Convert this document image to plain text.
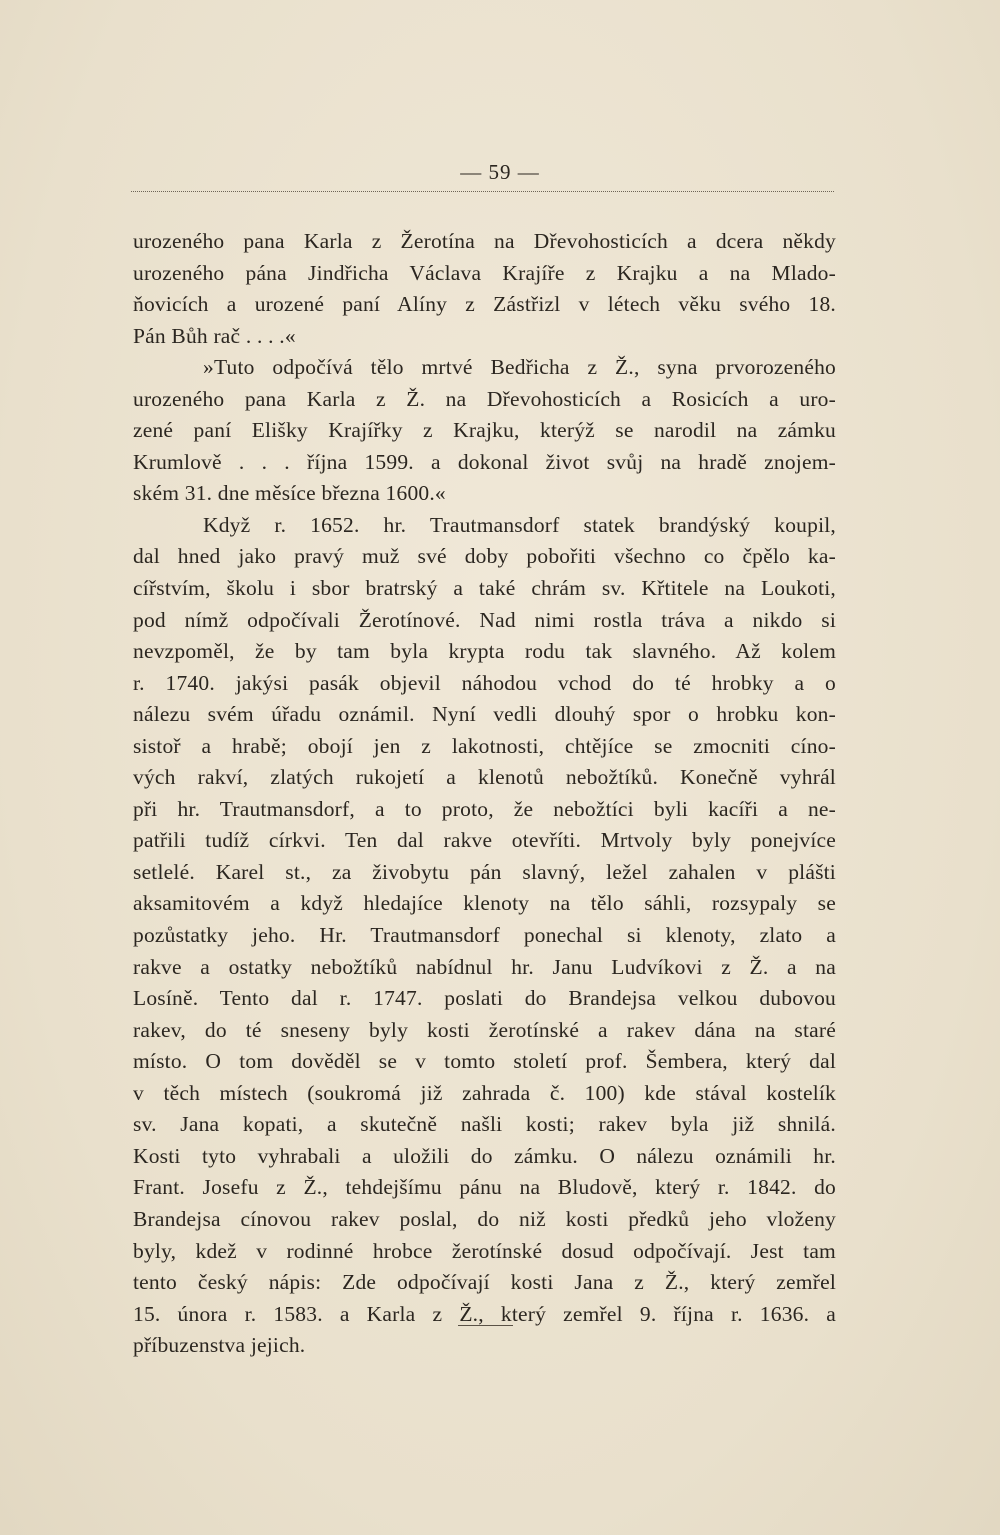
— 59 —
urozeného pana Karla z Žerotína na Dřevohosticích a dcera někdy
urozeného pána Jindřicha Václava Krajíře z Krajku a na Mlado-
ňovicích a urozené paní Alíny z Zástřizl v létech věku svého 18.
Pán Bůh rač . . . .«
»Tuto odpočívá tělo mrtvé Bedřicha z Ž., syna prvorozeného
urozeného pana Karla z Ž. na Dřevohosticích a Rosicích a uro-
zené paní Elišky Krajířky z Krajku, kterýž se narodil na zámku
Krumlově . . . října 1599. a dokonal život svůj na hradě znojem-
ském 31. dne měsíce března 1600.«
Když r. 1652. hr. Trautmansdorf statek brandýský koupil,
dal hned jako pravý muž své doby pobořiti všechno co čpělo ka-
cířstvím, školu i sbor bratrský a také chrám sv. Křtitele na Loukoti,
pod nímž odpočívali Žerotínové. Nad nimi rostla tráva a nikdo si
nevzpoměl, že by tam byla krypta rodu tak slavného. Až kolem
r. 1740. jakýsi pasák objevil náhodou vchod do té hrobky a o
nálezu svém úřadu oznámil. Nyní vedli dlouhý spor o hrobku kon-
sistoř a hrabě; obojí jen z lakotnosti, chtějíce se zmocniti cíno-
vých rakví, zlatých rukojetí a klenotů nebožtíků. Konečně vyhrál
při hr. Trautmansdorf, a to proto, že nebožtíci byli kacíři a ne-
patřili tudíž církvi. Ten dal rakve otevříti. Mrtvoly byly ponejvíce
setlelé. Karel st., za živobytu pán slavný, ležel zahalen v plášti
aksamitovém a když hledajíce klenoty na tělo sáhli, rozsypaly se
pozůstatky jeho. Hr. Trautmansdorf ponechal si klenoty, zlato a
rakve a ostatky nebožtíků nabídnul hr. Janu Ludvíkovi z Ž. a na
Losíně. Tento dal r. 1747. poslati do Brandejsa velkou dubovou
rakev, do té sneseny byly kosti žerotínské a rakev dána na staré
místo. O tom dověděl se v tomto století prof. Šembera, který dal
v těch místech (soukromá již zahrada č. 100) kde stával kostelík
sv. Jana kopati, a skutečně našli kosti; rakev byla již shnilá.
Kosti tyto vyhrabali a uložili do zámku. O nálezu oznámili hr.
Frant. Josefu z Ž., tehdejšímu pánu na Bludově, který r. 1842. do
Brandejsa cínovou rakev poslal, do niž kosti předků jeho vloženy
byly, kdež v rodinné hrobce žerotínské dosud odpočívají. Jest tam
tento český nápis: Zde odpočívají kosti Jana z Ž., který zemřel
15. února r. 1583. a Karla z Ž., který zemřel 9. října r. 1636. a
příbuzenstva jejich.
